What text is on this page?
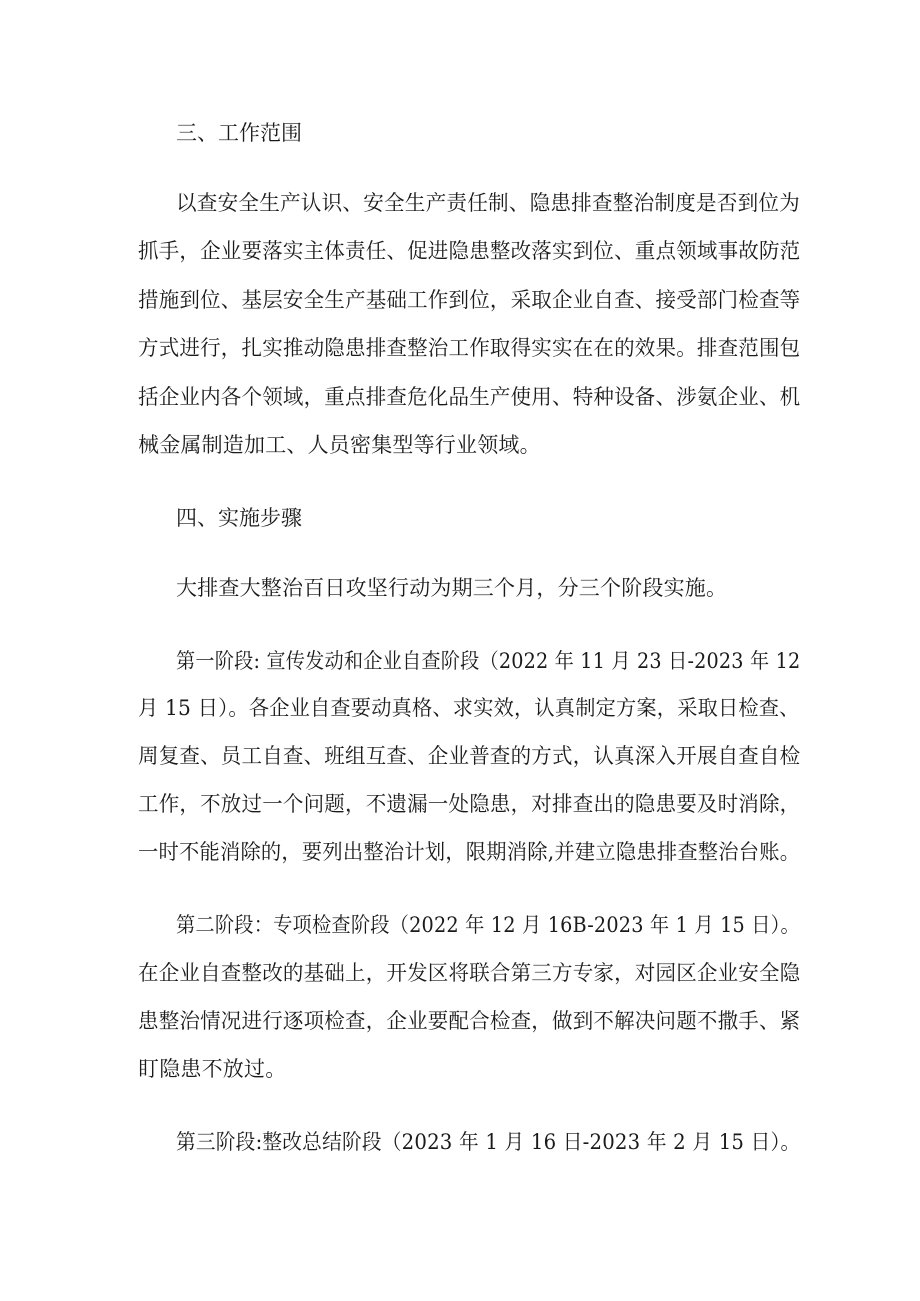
三、工作范围
以查安全生产认识、安全生产责任制、隐患排查整治制度是否到位为
抓手，企业要落实主体责任、促进隐患整改落实到位、重点领域事故防范
措施到位、基层安全生产基础工作到位，采取企业自查、接受部门检查等
方式进行，扎实推动隐患排查整治工作取得实实在在的效果。排查范围包
括企业内各个领域，重点排查危化品生产使用、特种设备、涉氨企业、机
械金属制造加工、人员密集型等行业领域。
四、实施步骤
大排查大整治百日攻坚行动为期三个月，分三个阶段实施。
第一阶段: 宣传发动和企业自查阶段（2022 年 11 月 23 日-2023 年 12
月 15 日）。各企业自查要动真格、求实效，认真制定方案，采取日检查、
周复查、员工自查、班组互查、企业普查的方式，认真深入开展自查自检
工作，不放过一个问题，不遗漏一处隐患，对排查出的隐患要及时消除，
一时不能消除的，要列出整治计划，限期消除,并建立隐患排查整治台账。
第二阶段：专项检查阶段（2022 年 12 月 16B-2023 年 1 月 15 日）。
在企业自查整改的基础上，开发区将联合第三方专家，对园区企业安全隐
患整治情况进行逐项检查，企业要配合检查，做到不解决问题不撒手、紧
盯隐患不放过。
第三阶段:整改总结阶段（2023 年 1 月 16 日-2023 年 2 月 15 日）。
